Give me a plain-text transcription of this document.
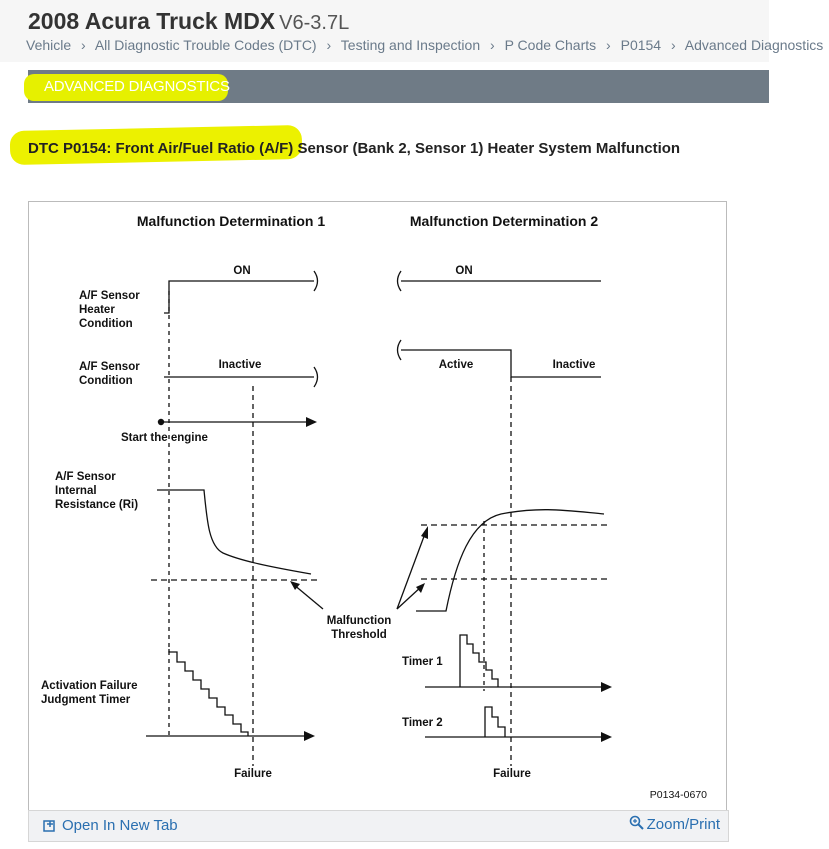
2008 Acura Truck MDX V6-3.7L
Vehicle › All Diagnostic Trouble Codes (DTC) › Testing and Inspection › P Code Charts › P0154 › Advanced Diagnostics
ADVANCED DIAGNOSTICS
DTC P0154: Front Air/Fuel Ratio (A/F) Sensor (Bank 2, Sensor 1) Heater System Malfunction
Malfunction Determination 1	Malfunction Determination 2
A/F Sensor
Heater
Condition
A/F Sensor
Condition
Start the engine
A/F Sensor
Internal
Resistance (Ri)
Malfunction
Threshold
Activation Failure
Judgment Timer
Timer 1
Timer 2
ON	ON
Inactive	Active	Inactive
Failure	Failure
P0134-0670
Open In New Tab	Zoom/Print
